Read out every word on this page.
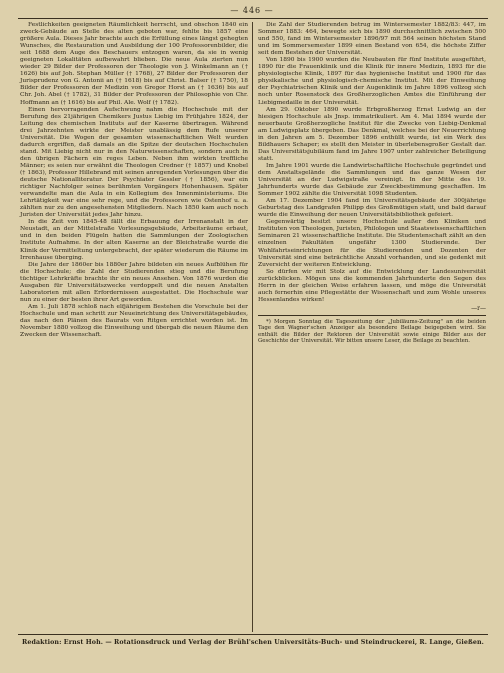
— 446 —

Festlichkeiten geeigneten Räumlichkeit herrscht, und obschon 1840 ein zweck-Gebäude an Stelle des alten geboten war, fehlte bis 1857 eine größere Aula. Dieses Jahr brachte auch die Erfüllung eines längst gehegten Wunsches, die Restauration und Ausbildung der 100 Professorenbilder, die seit 1688 dem Auge des Beschauers entzogen waren, da sie in wenig geeigneten Lokalitäten aufbewahrt blieben. Die neue Aula zierten nun wieder 29 Bilder der Professoren der Theologie von J. Winkelmann an († 1626) bis auf Joh. Stephan Müller († 1768), 27 Bilder der Professoren der Jurisprudenz von G. Antonii an († 1618) bis auf Christ. Balser († 1750), 18 Bilder der Professoren der Medizin von Gregor Horst an († 1636) bis auf Chr. Joh. Abel († 1782), 31 Bilder der Professoren der Philosophie von Chr. Hoffmann an († 1616) bis auf Phil. Ale. Wolf († 1782).

Einen hervorragenden Aufschwung nahm die Hochschule mit der Berufung des 21jährigen Chemikers Justus Liebig im Frühjahre 1824, der Leitung des chemischen Instituts auf der Kaserne übertragen. Während drei Jahrzehnten wirkte der Meister unablässig dem Rufe unserer Universität. Die Wogen der gesamten wissenschaftlichen Welt wurden dadurch ergriffen, daß damals an die Spitze der deutschen Hochschulen stand. Mit Liebig nicht nur in den Naturwissenschaften, sondern auch in den übrigen Fächern ein reges Leben. Neben ihm wirkten treffliche Männer; es seien nur erwähnt die Theologen Credner († 1857) und Knobel († 1863), Professor Hillebrand mit seinen anregenden Vorlesungen über die deutsche Nationalliteratur. Der Psychiater Gessler († 1856), war ein richtiger Nachfolger seines berühmten Vorgängers Hohenhausen. Später verwandelte man die Aula in ein Kollegium des Innenministeriums. Die Lehrtätigkeit war eine sehr rege, und die Professoren wie Ostenhof u. a. zählten nur zu den angesehensten Mitgliedern. Nach 1850 kam auch noch Juristen der Universität jedes Jahr hinzu.

In die Zeit von 1845-48 fällt die Erbauung der Irrenanstalt in der Neustadt, an der Mittelstraße Vorlesungsgebäude, Arbeitsräume erbaut, und in den beiden Flügeln hatten die Sammlungen der Zoologischen Institute Aufnahme. In der alten Kaserne an der Bleichstraße wurde die Klinik der Vermitteltung untergebracht, der später wiederum die Räume im Irrenhause überging.

Die Jahre der 1860er bis 1880er Jahre bildeten ein neues Aufblühen für die Hochschule; die Zahl der Studierenden stieg und die Berufung tüchtiger Lehrkräfte brachte ihr ein neues Ansehen. Von 1876 wurden die Ausgaben für Universitätszwecke verdoppelt und die neuen Anstalten Laboratorien mit allen Erfordernissen ausgestattet. Die Hochschule war nun zu einer der besten ihrer Art geworden.

Am 1. Juli 1878 schloß nach elfjährigem Bestehen die Vorschule bei der Hochschule und man schritt zur Neueinrichtung des Universitätsgebäudes, das nach den Plänen des Baurats von Ritgen errichtet worden ist. Im November 1880 vollzog die Einweihung und übergab die neuen Räume den Zwecken der Wissenschaft.

Die Zahl der Studierenden betrug im Wintersemester 1882/83: 447, im Sommer 1883: 464, bewegte sich bis 1890 durchschnittlich zwischen 500 und 550, fand im Wintersemester 1896/97 mit 564 seinen höchsten Stand und im Sommersemester 1899 einen Bestand von 654, die höchste Ziffer seit dem Bestehen der Universität.

Von 1890 bis 1900 wurden die Neubauten für fünf Institute ausgeführt, 1890 für die Frauenklinik und die Klinik für innere Medizin, 1893 für die physiologische Klinik, 1897 für das hygienische Institut und 1900 für das physikalische und physiologisch-chemische Institut. Mit der Einweihung der Psychiatrischen Klinik und der Augenklinik im Jahre 1896 vollzog sich noch unter Rosenstock des Großherzoglichen Amtes die Einführung der Liebigmedaille in der Universität.

Am 29. Oktober 1890 wurde Erbgroßherzog Ernst Ludwig an der hiesigen Hochschule als Jnsp. immatrikuliert. Am 4. Mai 1894 wurde der neuerbaute Großherzogliche Institut für die Zwecke von Liebig-Denkmal am Ludwigsplatz übergeben. Das Denkmal, welches bei der Neuerrichtung in den Jahren am 5. Dezember 1896 enthüllt wurde, ist ein Werk des Bildhauers Schaper; es stellt den Meister in überlebensgroßer Gestalt dar. Das Universitätsjubiläum fand im Jahre 1907 unter zahlreicher Beteiligung statt.

Im Jahre 1901 wurde die Landwirtschaftliche Hochschule gegründet und dem Anstaltsgelände die Sammlungen und das ganze Wesen der Universität an der Ludwigstraße vereinigt. In der Mitte des 19. Jahrhunderts wurde das Gebäude zur Zweckbestimmung geschaffen. Im Sommer 1902 zählte die Universität 1098 Studenten.

Am 17. Dezember 1904 fand im Universitätsgebäude der 300jährige Geburtstag des Landgrafen Philipp des Großmütigen statt, und bald darauf wurde die Einweihung der neuen Universitätsbibliothek gefeiert.

Gegenwärtig besitzt unsere Hochschule außer den Kliniken und Instituten von Theologen, Juristen, Philologen und Staatswissenschaftlichen Seminaren 21 wissenschaftliche Institute. Die Studentenschaft zählt an den einzelnen Fakultäten ungefähr 1300 Studierende. Der Wohlfahrtseinrichtungen für die Studierenden und Dozenten der Universität sind eine beträchtliche Anzahl vorhanden, und sie gedenkt mit Zuversicht der weiteren Entwicklung.

So dürfen wir mit Stolz auf die Entwicklung der Landesuniversität zurückblicken. Mögen uns die kommenden Jahrhunderte den Segen des Herrn in der gleichen Weise erfahren lassen, und möge die Universität auch fernerhin eine Pflegestätte der Wissenschaft und zum Wohle unseres Hessenlandes wirken!

—r—

*) Morgen Sonntag die Tageszeitung der „Jubiläums-Zeitung" an die beiden Tage den Wagner'schen Anzeiger als besondere Beilage beigegeben wird. Sie enthält die Bilder der Rektoren der Universität sowie einige Bilder aus der Geschichte der Universität. Wir bitten unsere Leser, die Beilage zu beachten.

Redaktion: Ernst Hoh. — Rotationsdruck und Verlag der Brühl'schen Universitäts-Buch- und Steindruckerei, R. Lange, Gießen.
